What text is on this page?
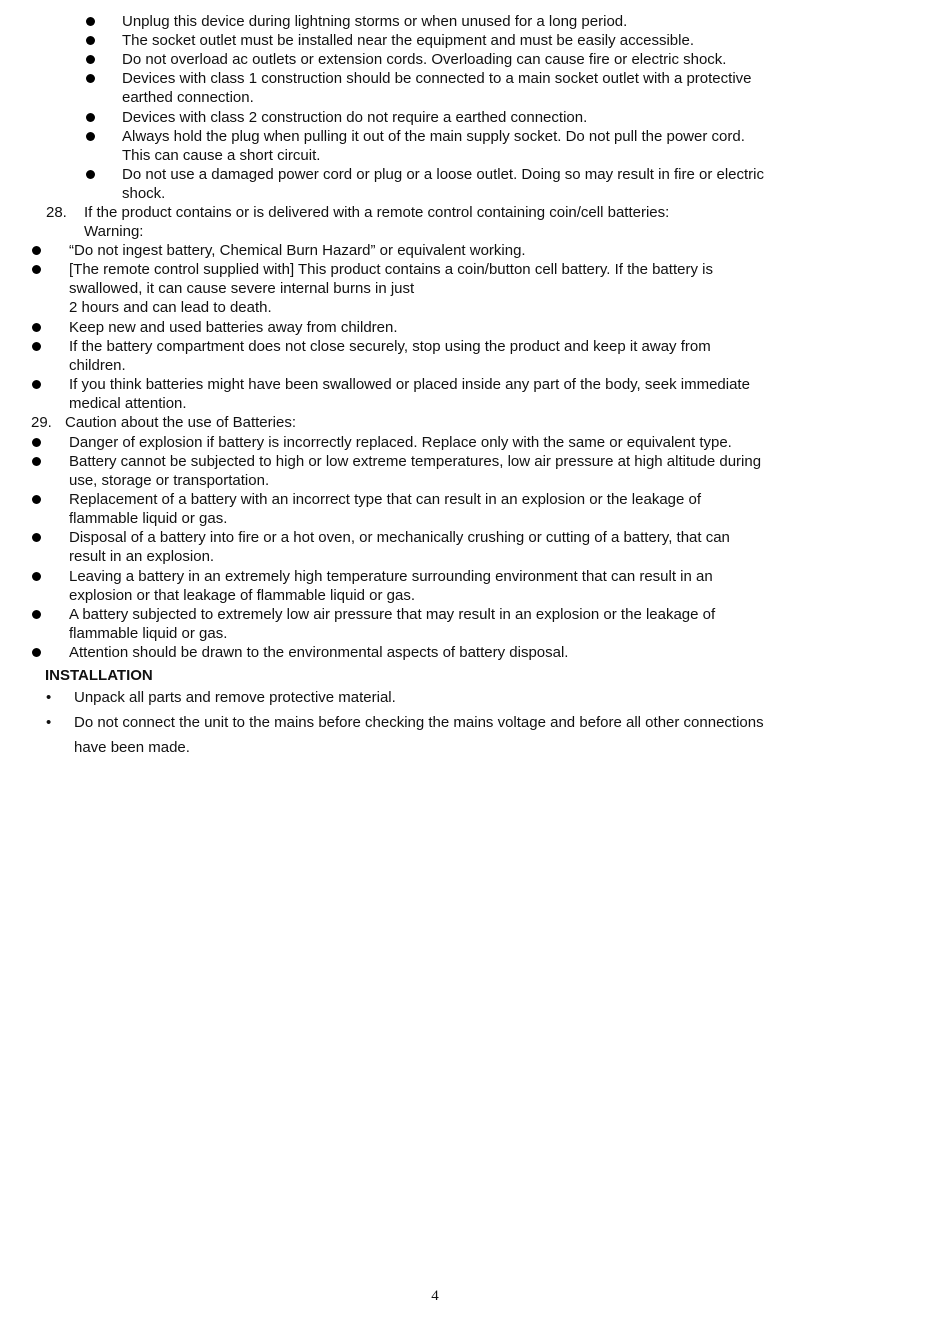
Unplug this device during lightning storms or when unused for a long period.
The socket outlet must be installed near the equipment and must be easily accessible.
Do not overload ac outlets or extension cords. Overloading can cause fire or electric shock.
Devices with class 1 construction should be connected to a main socket outlet with a protective
earthed connection.
Devices with class 2 construction do not require a earthed connection.
Always hold the plug when pulling it out of the main supply socket. Do not pull the power cord.
This can cause a short circuit.
Do not use a damaged power cord or plug or a loose outlet. Doing so may result in fire or electric
shock.
28. If the product contains or is delivered with a remote control containing coin/cell batteries:
Warning:
“Do not ingest battery, Chemical Burn Hazard” or equivalent working.
[The remote control supplied with] This product contains a coin/button cell battery. If the battery is
swallowed, it can cause severe internal burns in just
2 hours and can lead to death.
Keep new and used batteries away from children.
If the battery compartment does not close securely, stop using the product and keep it away from
children.
If you think batteries might have been swallowed or placed inside any part of the body, seek immediate
medical attention.
29. Caution about the use of Batteries:
Danger of explosion if battery is incorrectly replaced. Replace only with the same or equivalent type.
Battery cannot be subjected to high or low extreme temperatures, low air pressure at high altitude during
use, storage or transportation.
Replacement of a battery with an incorrect type that can result in an explosion or the leakage of
flammable liquid or gas.
Disposal of a battery into fire or a hot oven, or mechanically crushing or cutting of a battery, that can
result in an explosion.
Leaving a battery in an extremely high temperature surrounding environment that can result in an
explosion or that leakage of flammable liquid or gas.
A battery subjected to extremely low air pressure that may result in an explosion or the leakage of
flammable liquid or gas.
Attention should be drawn to the environmental aspects of battery disposal.
INSTALLATION
• Unpack all parts and remove protective material.
• Do not connect the unit to the mains before checking the mains voltage and before all other connections
have been made.
4
